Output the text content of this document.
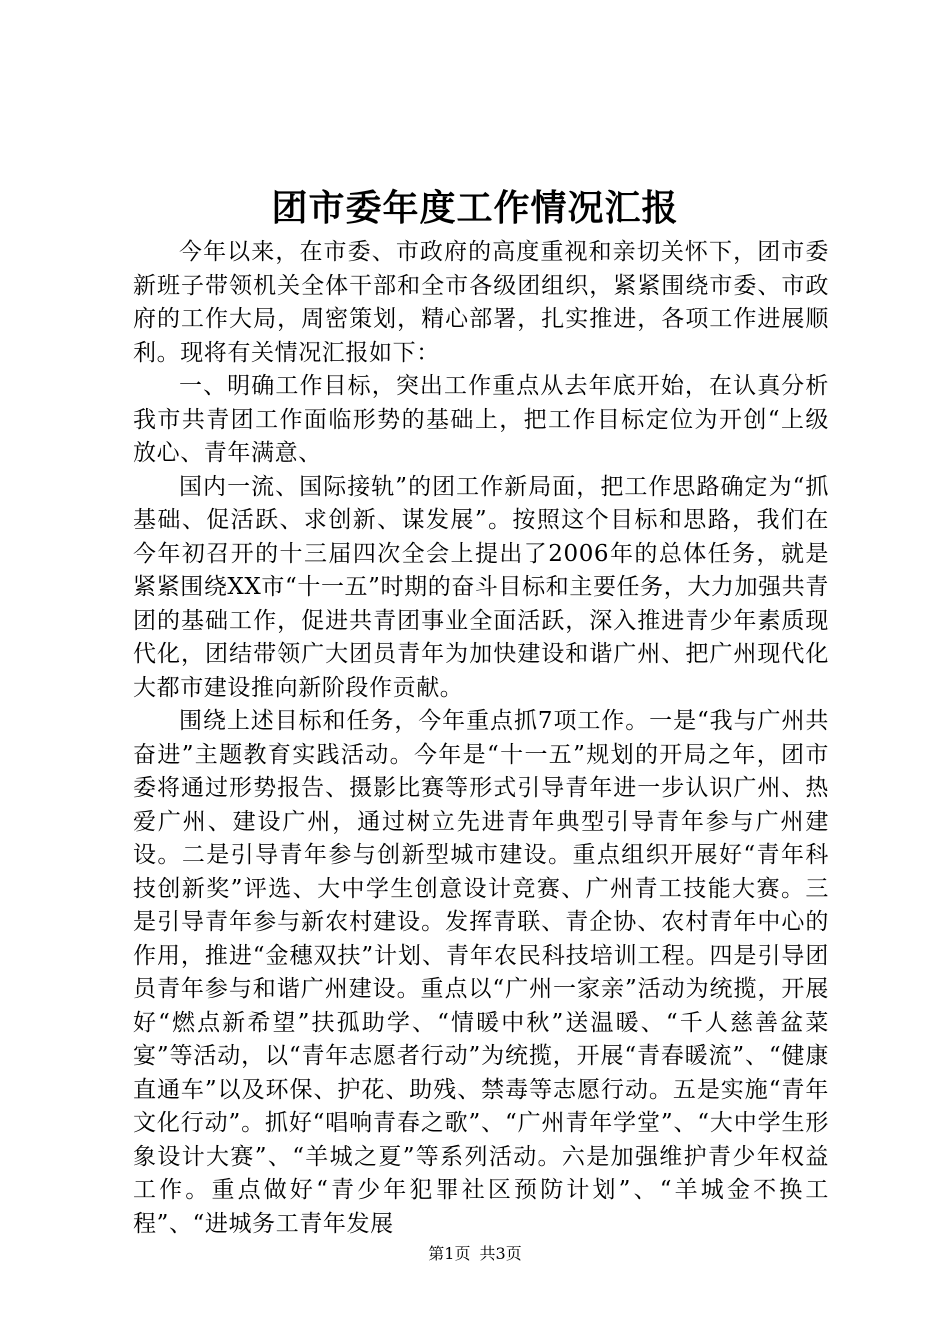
团市委年度工作情况汇报

今年以来，在市委、市政府的高度重视和亲切关怀下，团市委新班子带领机关全体干部和全市各级团组织，紧紧围绕市委、市政府的工作大局，周密策划，精心部署，扎实推进，各项工作进展顺利。现将有关情况汇报如下：

一、明确工作目标，突出工作重点从去年底开始，在认真分析我市共青团工作面临形势的基础上，把工作目标定位为开创“上级放心、青年满意、

国内一流、国际接轨”的团工作新局面，把工作思路确定为“抓基础、促活跃、求创新、谋发展”。按照这个目标和思路，我们在今年初召开的十三届四次全会上提出了2006年的总体任务，就是紧紧围绕XX市“十一五”时期的奋斗目标和主要任务，大力加强共青团的基础工作，促进共青团事业全面活跃，深入推进青少年素质现代化，团结带领广大团员青年为加快建设和谐广州、把广州现代化大都市建设推向新阶段作贡献。

围绕上述目标和任务，今年重点抓7项工作。一是“我与广州共奋进”主题教育实践活动。今年是“十一五”规划的开局之年，团市委将通过形势报告、摄影比赛等形式引导青年进一步认识广州、热爱广州、建设广州，通过树立先进青年典型引导青年参与广州建设。二是引导青年参与创新型城市建设。重点组织开展好“青年科技创新奖”评选、大中学生创意设计竞赛、广州青工技能大赛。三是引导青年参与新农村建设。发挥青联、青企协、农村青年中心的作用，推进“金穗双扶”计划、青年农民科技培训工程。四是引导团员青年参与和谐广州建设。重点以“广州一家亲”活动为统揽，开展好“燃点新希望”扶孤助学、“情暖中秋”送温暖、“千人慈善盆菜宴”等活动，以“青年志愿者行动”为统揽，开展“青春暖流”、“健康直通车”以及环保、护花、助残、禁毒等志愿行动。五是实施“青年文化行动”。抓好“唱响青春之歌”、“广州青年学堂”、“大中学生形象设计大赛”、“羊城之夏”等系列活动。六是加强维护青少年权益工作。重点做好“青少年犯罪社区预防计划”、“羊城金不换工程”、“进城务工青年发展

第1页 共3页
